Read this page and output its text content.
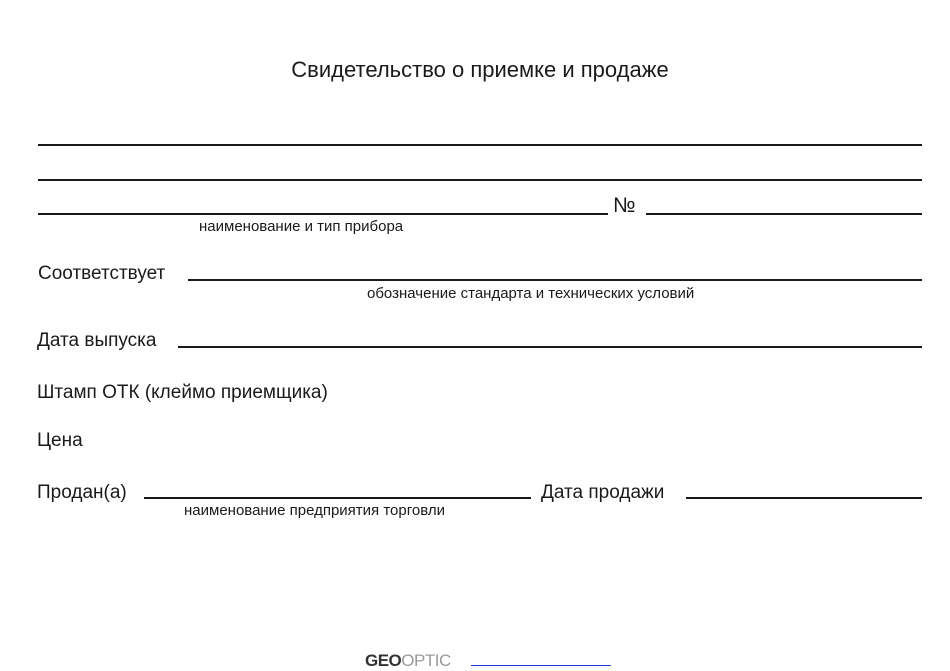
Свидетельство о приемке и продаже
№
наименование и тип прибора
Соответствует
обозначение стандарта и технических условий
Дата выпуска
Штамп ОТК (клеймо приемщика)
Цена
Продан(а)	Дата продажи
наименование предприятия торговли
GEOOPTIC
